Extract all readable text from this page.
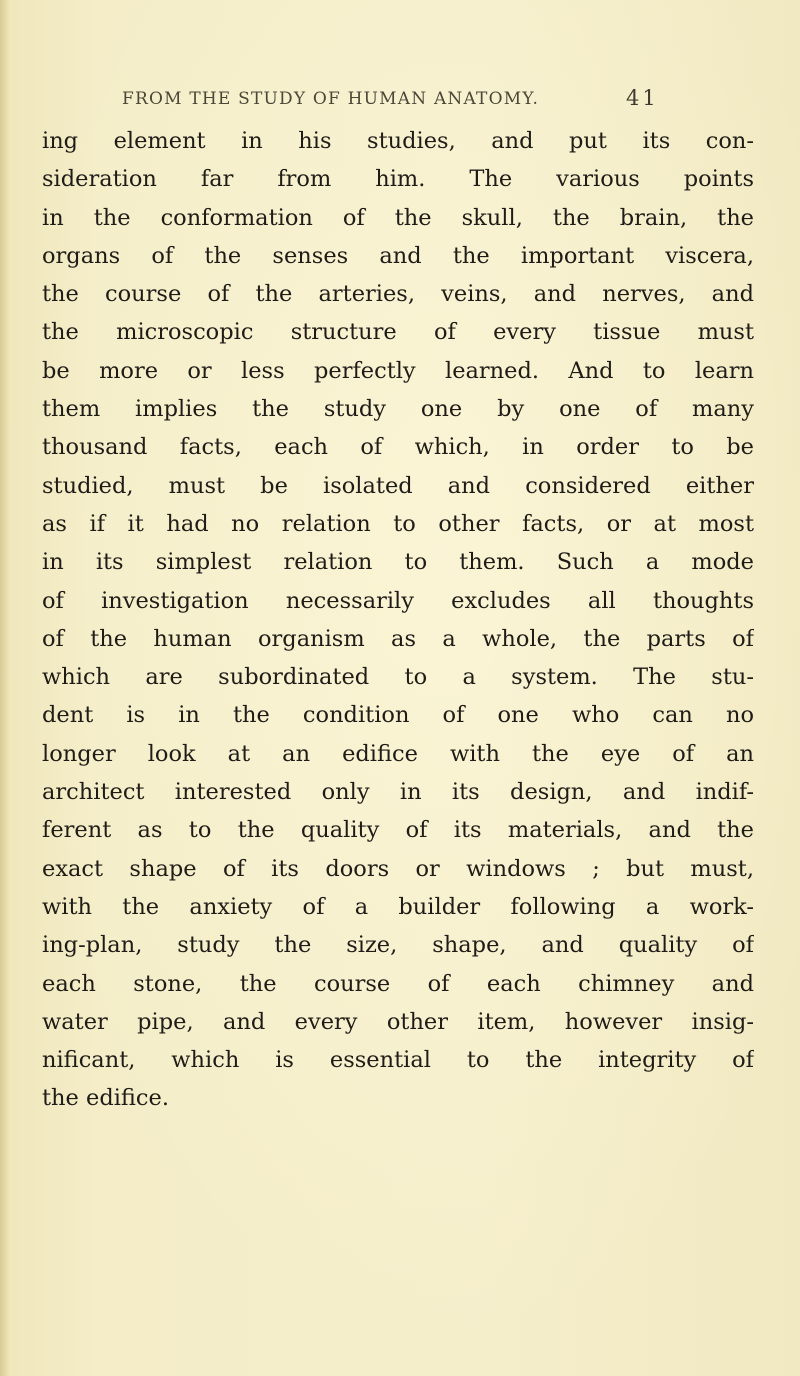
FROM THE STUDY OF HUMAN ANATOMY.	41

ing element in his studies, and put its con-
sideration far from him. The various points
in the conformation of the skull, the brain, the
organs of the senses and the important viscera,
the course of the arteries, veins, and nerves, and
the microscopic structure of every tissue must
be more or less perfectly learned. And to learn
them implies the study one by one of many
thousand facts, each of which, in order to be
studied, must be isolated and considered either
as if it had no relation to other facts, or at most
in its simplest relation to them. Such a mode
of investigation necessarily excludes all thoughts
of the human organism as a whole, the parts of
which are subordinated to a system. The stu-
dent is in the condition of one who can no
longer look at an edifice with the eye of an
architect interested only in its design, and indif-
ferent as to the quality of its materials, and the
exact shape of its doors or windows ; but must,
with the anxiety of a builder following a work-
ing-plan, study the size, shape, and quality of
each stone, the course of each chimney and
water pipe, and every other item, however insig-
nificant, which is essential to the integrity of
the edifice.
